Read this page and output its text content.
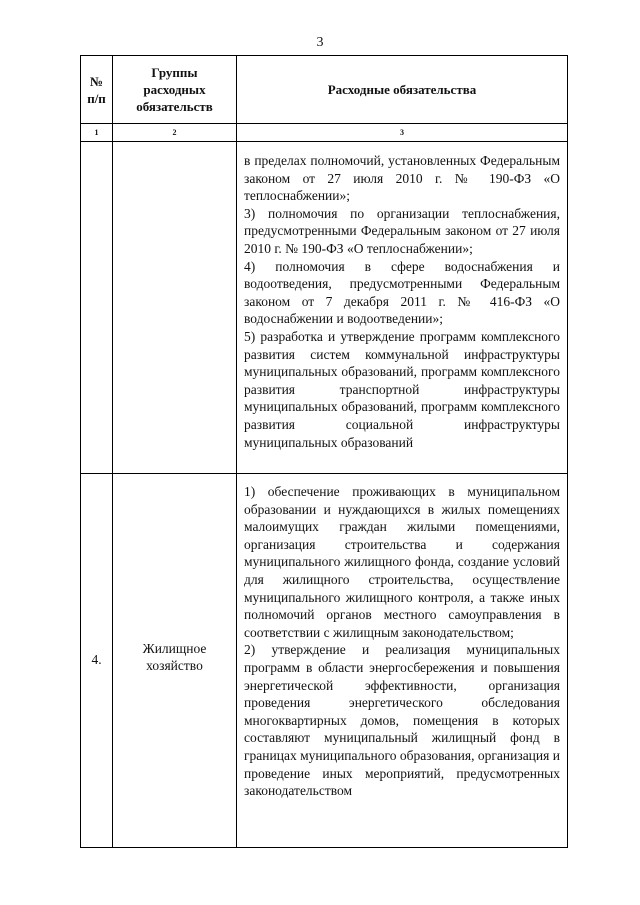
3
№
п/п
Группы
расходных
обязательств
Расходные обязательства
1	2	3

в пределах полномочий, установленных Федеральным законом от 27 июля 2010 г. № 190-ФЗ «О теплоснабжении»;

3) полномочия по организации теплоснабжения, предусмотренными Федеральным законом от 27 июля 2010 г. № 190-ФЗ «О теплоснабжении»;

4) полномочия в сфере водоснабжения и водоотведения, предусмотренными Федеральным законом от 7 декабря 2011 г. № 416-ФЗ «О водоснабжении и водоотведении»;

5) разработка и утверждение программ комплексного развития систем коммунальной инфраструктуры муниципальных образований, программ комплексного развития транспортной инфраструктуры муниципальных образований, программ комплексного развития социальной инфраструктуры муниципальных образований

4.
Жилищное
хозяйство

1) обеспечение проживающих в муниципальном образовании и нуждающихся в жилых помещениях малоимущих граждан жилыми помещениями, организация строительства и содержания муниципального жилищного фонда, создание условий для жилищного строительства, осуществление муниципального жилищного контроля, а также иных полномочий органов местного самоуправления в соответствии с жилищным законодательством;

2) утверждение и реализация муниципальных программ в области энергосбережения и повышения энергетической эффективности, организация проведения энергетического обследования многоквартирных домов, помещения в которых составляют муниципальный жилищный фонд в границах муниципального образования, организация и проведение иных мероприятий, предусмотренных законодательством
